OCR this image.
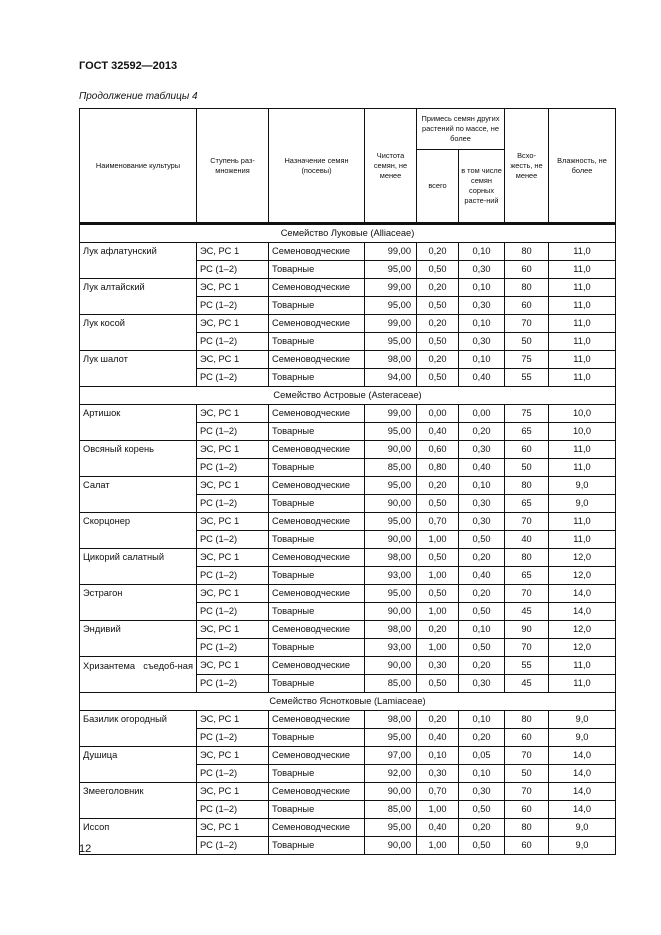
ГОСТ 32592—2013
Продолжение таблицы 4
Наименование культуры	Ступень раз-множения	Назначение семян (посевы)	Чистота семян, не менее	Примесь семян других растений по массе, не более		Всхо-жесть, не менее	Влажность, не более
				всего	в том числе семян сорных расте-ний		

Семейство Луковые (Alliaceae)							
Лук афлатунский	ЭС, РС 1	Семеноводческие	99,00	0,20	0,10	80	11,0
	РС (1–2)	Товарные	95,00	0,50	0,30	60	11,0
Лук алтайский	ЭС, РС 1	Семеноводческие	99,00	0,20	0,10	80	11,0
	РС (1–2)	Товарные	95,00	0,50	0,30	60	11,0
Лук косой	ЭС, РС 1	Семеноводческие	99,00	0,20	0,10	70	11,0
	РС (1–2)	Товарные	95,00	0,50	0,30	50	11,0
Лук шалот	ЭС, РС 1	Семеноводческие	98,00	0,20	0,10	75	11,0
	РС (1–2)	Товарные	94,00	0,50	0,40	55	11,0
Семейство Астровые (Asteraceae)							
Артишок	ЭС, РС 1	Семеноводческие	99,00	0,00	0,00	75	10,0
	РС (1–2)	Товарные	95,00	0,40	0,20	65	10,0
Овсяный корень	ЭС, РС 1	Семеноводческие	90,00	0,60	0,30	60	11,0
	РС (1–2)	Товарные	85,00	0,80	0,40	50	11,0
Салат	ЭС, РС 1	Семеноводческие	95,00	0,20	0,10	80	9,0
	РС (1–2)	Товарные	90,00	0,50	0,30	65	9,0
Скорцонер	ЭС, РС 1	Семеноводческие	95,00	0,70	0,30	70	11,0
	РС (1–2)	Товарные	90,00	1,00	0,50	40	11,0
Цикорий салатный	ЭС, РС 1	Семеноводческие	98,00	0,50	0,20	80	12,0
	РС (1–2)	Товарные	93,00	1,00	0,40	65	12,0
Эстрагон	ЭС, РС 1	Семеноводческие	95,00	0,50	0,20	70	14,0
	РС (1–2)	Товарные	90,00	1,00	0,50	45	14,0
Эндивий	ЭС, РС 1	Семеноводческие	98,00	0,20	0,10	90	12,0
	РС (1–2)	Товарные	93,00	1,00	0,50	70	12,0

Хризантема съедоб-ная	ЭС, РС 1	Семеноводческие	90,00	0,30	0,20	55	11,0
	РС (1–2)	Товарные	85,00	0,50	0,30	45	11,0
Семейство Яснотковые (Lamiaceae)							
Базилик огородный	ЭС, РС 1	Семеноводческие	98,00	0,20	0,10	80	9,0
	РС (1–2)	Товарные	95,00	0,40	0,20	60	9,0
Душица	ЭС, РС 1	Семеноводческие	97,00	0,10	0,05	70	14,0
	РС (1–2)	Товарные	92,00	0,30	0,10	50	14,0
Змееголовник	ЭС, РС 1	Семеноводческие	90,00	0,70	0,30	70	14,0
	РС (1–2)	Товарные	85,00	1,00	0,50	60	14,0
Иссоп	ЭС, РС 1	Семеноводческие	95,00	0,40	0,20	80	9,0
	РС (1–2)	Товарные	90,00	1,00	0,50	60	9,0
12
